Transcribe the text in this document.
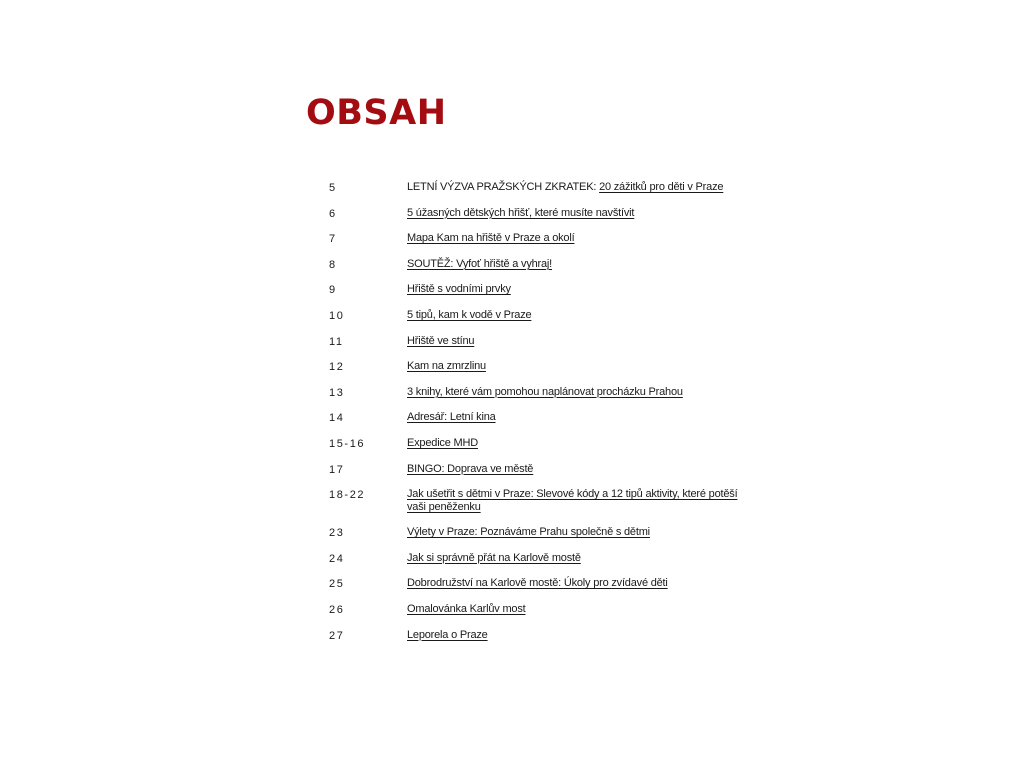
OBSAH
5	LETNÍ VÝZVA PRAŽSKÝCH ZKRATEK: 20 zážitků pro děti v Praze
6	5 úžasných dětských hřišť, které musíte navštívit
7	Mapa Kam na hřiště v Praze a okolí
8	SOUTĚŽ: Vyfoť hřiště a vyhraj!
9	Hřiště s vodními prvky
10	5 tipů, kam k vodě v Praze
11	Hřiště ve stínu
12	Kam na zmrzlinu
13	3 knihy, které vám pomohou naplánovat procházku Prahou
14	Adresář: Letní kina
15-16	Expedice MHD
17	BINGO: Doprava ve městě
18-22	Jak ušetřit s dětmi v Praze: Slevové kódy a 12 tipů aktivity, které potěší vaši peněženku
23	Výlety v Praze: Poznáváme Prahu společně s dětmi
24	Jak si správně přát na Karlově mostě
25	Dobrodružství na Karlově mostě: Úkoly pro zvídavé děti
26	Omalovánka Karlův most
27	Leporela o Praze
